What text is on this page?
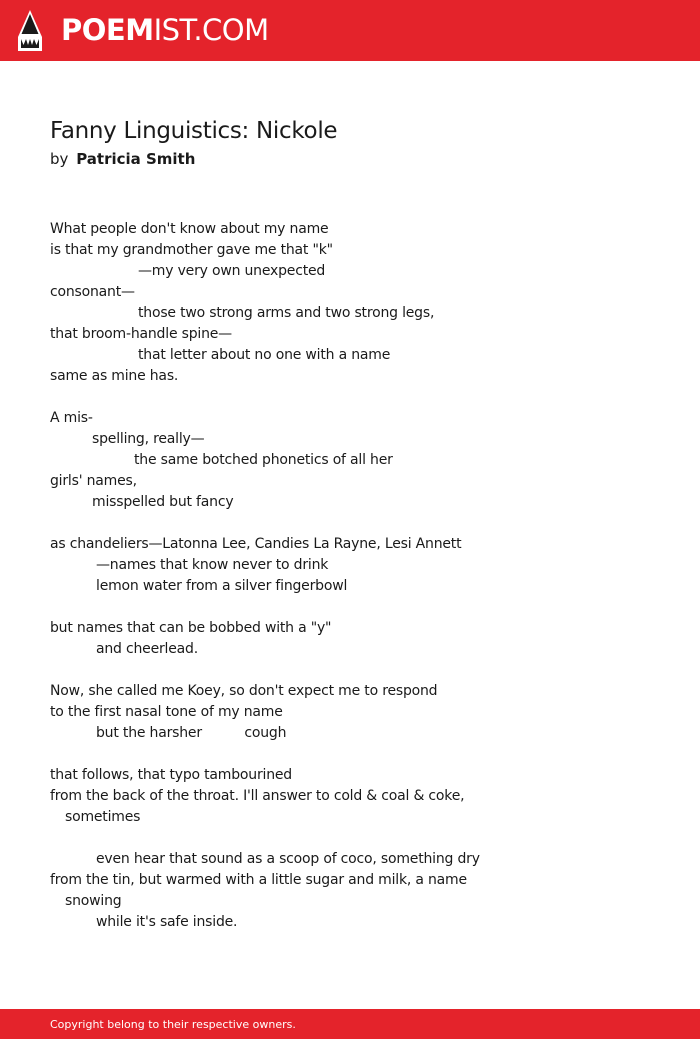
POEMIST.COM
Fanny Linguistics: Nickole
by Patricia Smith
What people don't know about my name
is that my grandmother gave me that "k"
—my very own unexpected
consonant—
those two strong arms and two strong legs,
that broom-handle spine—
that letter about no one with a name
same as mine has.
A mis-
spelling, really—
the same botched phonetics of all her
girls' names,
misspelled but fancy
as chandeliers—Latonna Lee, Candies La Rayne, Lesi Annett
—names that know never to drink
lemon water from a silver fingerbowl
but names that can be bobbed with a "y"
and cheerlead.
Now, she called me Koey, so don't expect me to respond
to the first nasal tone of my name
but the harsher          cough
that follows, that typo tambourined
from the back of the throat. I'll answer to cold & coal & coke,
sometimes
even hear that sound as a scoop of coco, something dry
from the tin, but warmed with a little sugar and milk, a name
snowing
while it's safe inside.
Copyright belong to their respective owners.
